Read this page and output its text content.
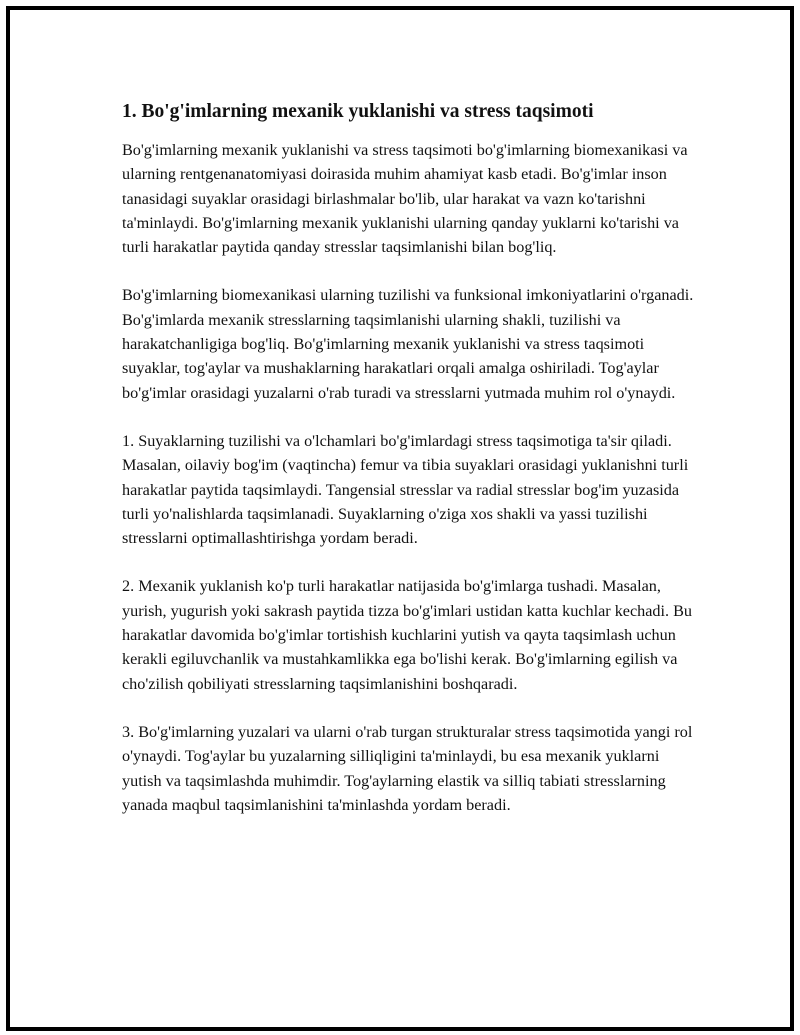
1. Bo'g'imlarning mexanik yuklanishi va stress taqsimoti

Bo'g'imlarning mexanik yuklanishi va stress taqsimoti bo'g'imlarning biomexanikasi va ularning rentgenanatomiyasi doirasida muhim ahamiyat kasb etadi. Bo'g'imlar inson tanasidagi suyaklar orasidagi birlashmalar bo'lib, ular harakat va vazn ko'tarishni ta'minlaydi. Bo'g'imlarning mexanik yuklanishi ularning qanday yuklarni ko'tarishi va turli harakatlar paytida qanday stresslar taqsimlanishi bilan bog'liq.

Bo'g'imlarning biomexanikasi ularning tuzilishi va funksional imkoniyatlarini o'rganadi. Bo'g'imlarda mexanik stresslarning taqsimlanishi ularning shakli, tuzilishi va harakatchanligiga bog'liq. Bo'g'imlarning mexanik yuklanishi va stress taqsimoti suyaklar, tog'aylar va mushaklarning harakatlari orqali amalga oshiriladi. Tog'aylar bo'g'imlar orasidagi yuzalarni o'rab turadi va stresslarni yutmada muhim rol o'ynaydi.

1. Suyaklarning tuzilishi va o'lchamlari bo'g'imlardagi stress taqsimotiga ta'sir qiladi. Masalan, oilaviy bog'im (vaqtincha) femur va tibia suyaklari orasidagi yuklanishni turli harakatlar paytida taqsimlaydi. Tangensial stresslar va radial stresslar bog'im yuzasida turli yo'nalishlarda taqsimlanadi. Suyaklarning o'ziga xos shakli va yassi tuzilishi stresslarni optimallashtirishga yordam beradi.

2. Mexanik yuklanish ko'p turli harakatlar natijasida bo'g'imlarga tushadi. Masalan, yurish, yugurish yoki sakrash paytida tizza bo'g'imlari ustidan katta kuchlar kechadi. Bu harakatlar davomida bo'g'imlar tortishish kuchlarini yutish va qayta taqsimlash uchun kerakli egiluvchanlik va mustahkamlikka ega bo'lishi kerak. Bo'g'imlarning egilish va cho'zilish qobiliyati stresslarning taqsimlanishini boshqaradi.

3. Bo'g'imlarning yuzalari va ularni o'rab turgan strukturalar stress taqsimotida yangi rol o'ynaydi. Tog'aylar bu yuzalarning silliqligini ta'minlaydi, bu esa mexanik yuklarni yutish va taqsimlashda muhimdir. Tog'aylarning elastik va silliq tabiati stresslarning yanada maqbul taqsimlanishini ta'minlashda yordam beradi.
